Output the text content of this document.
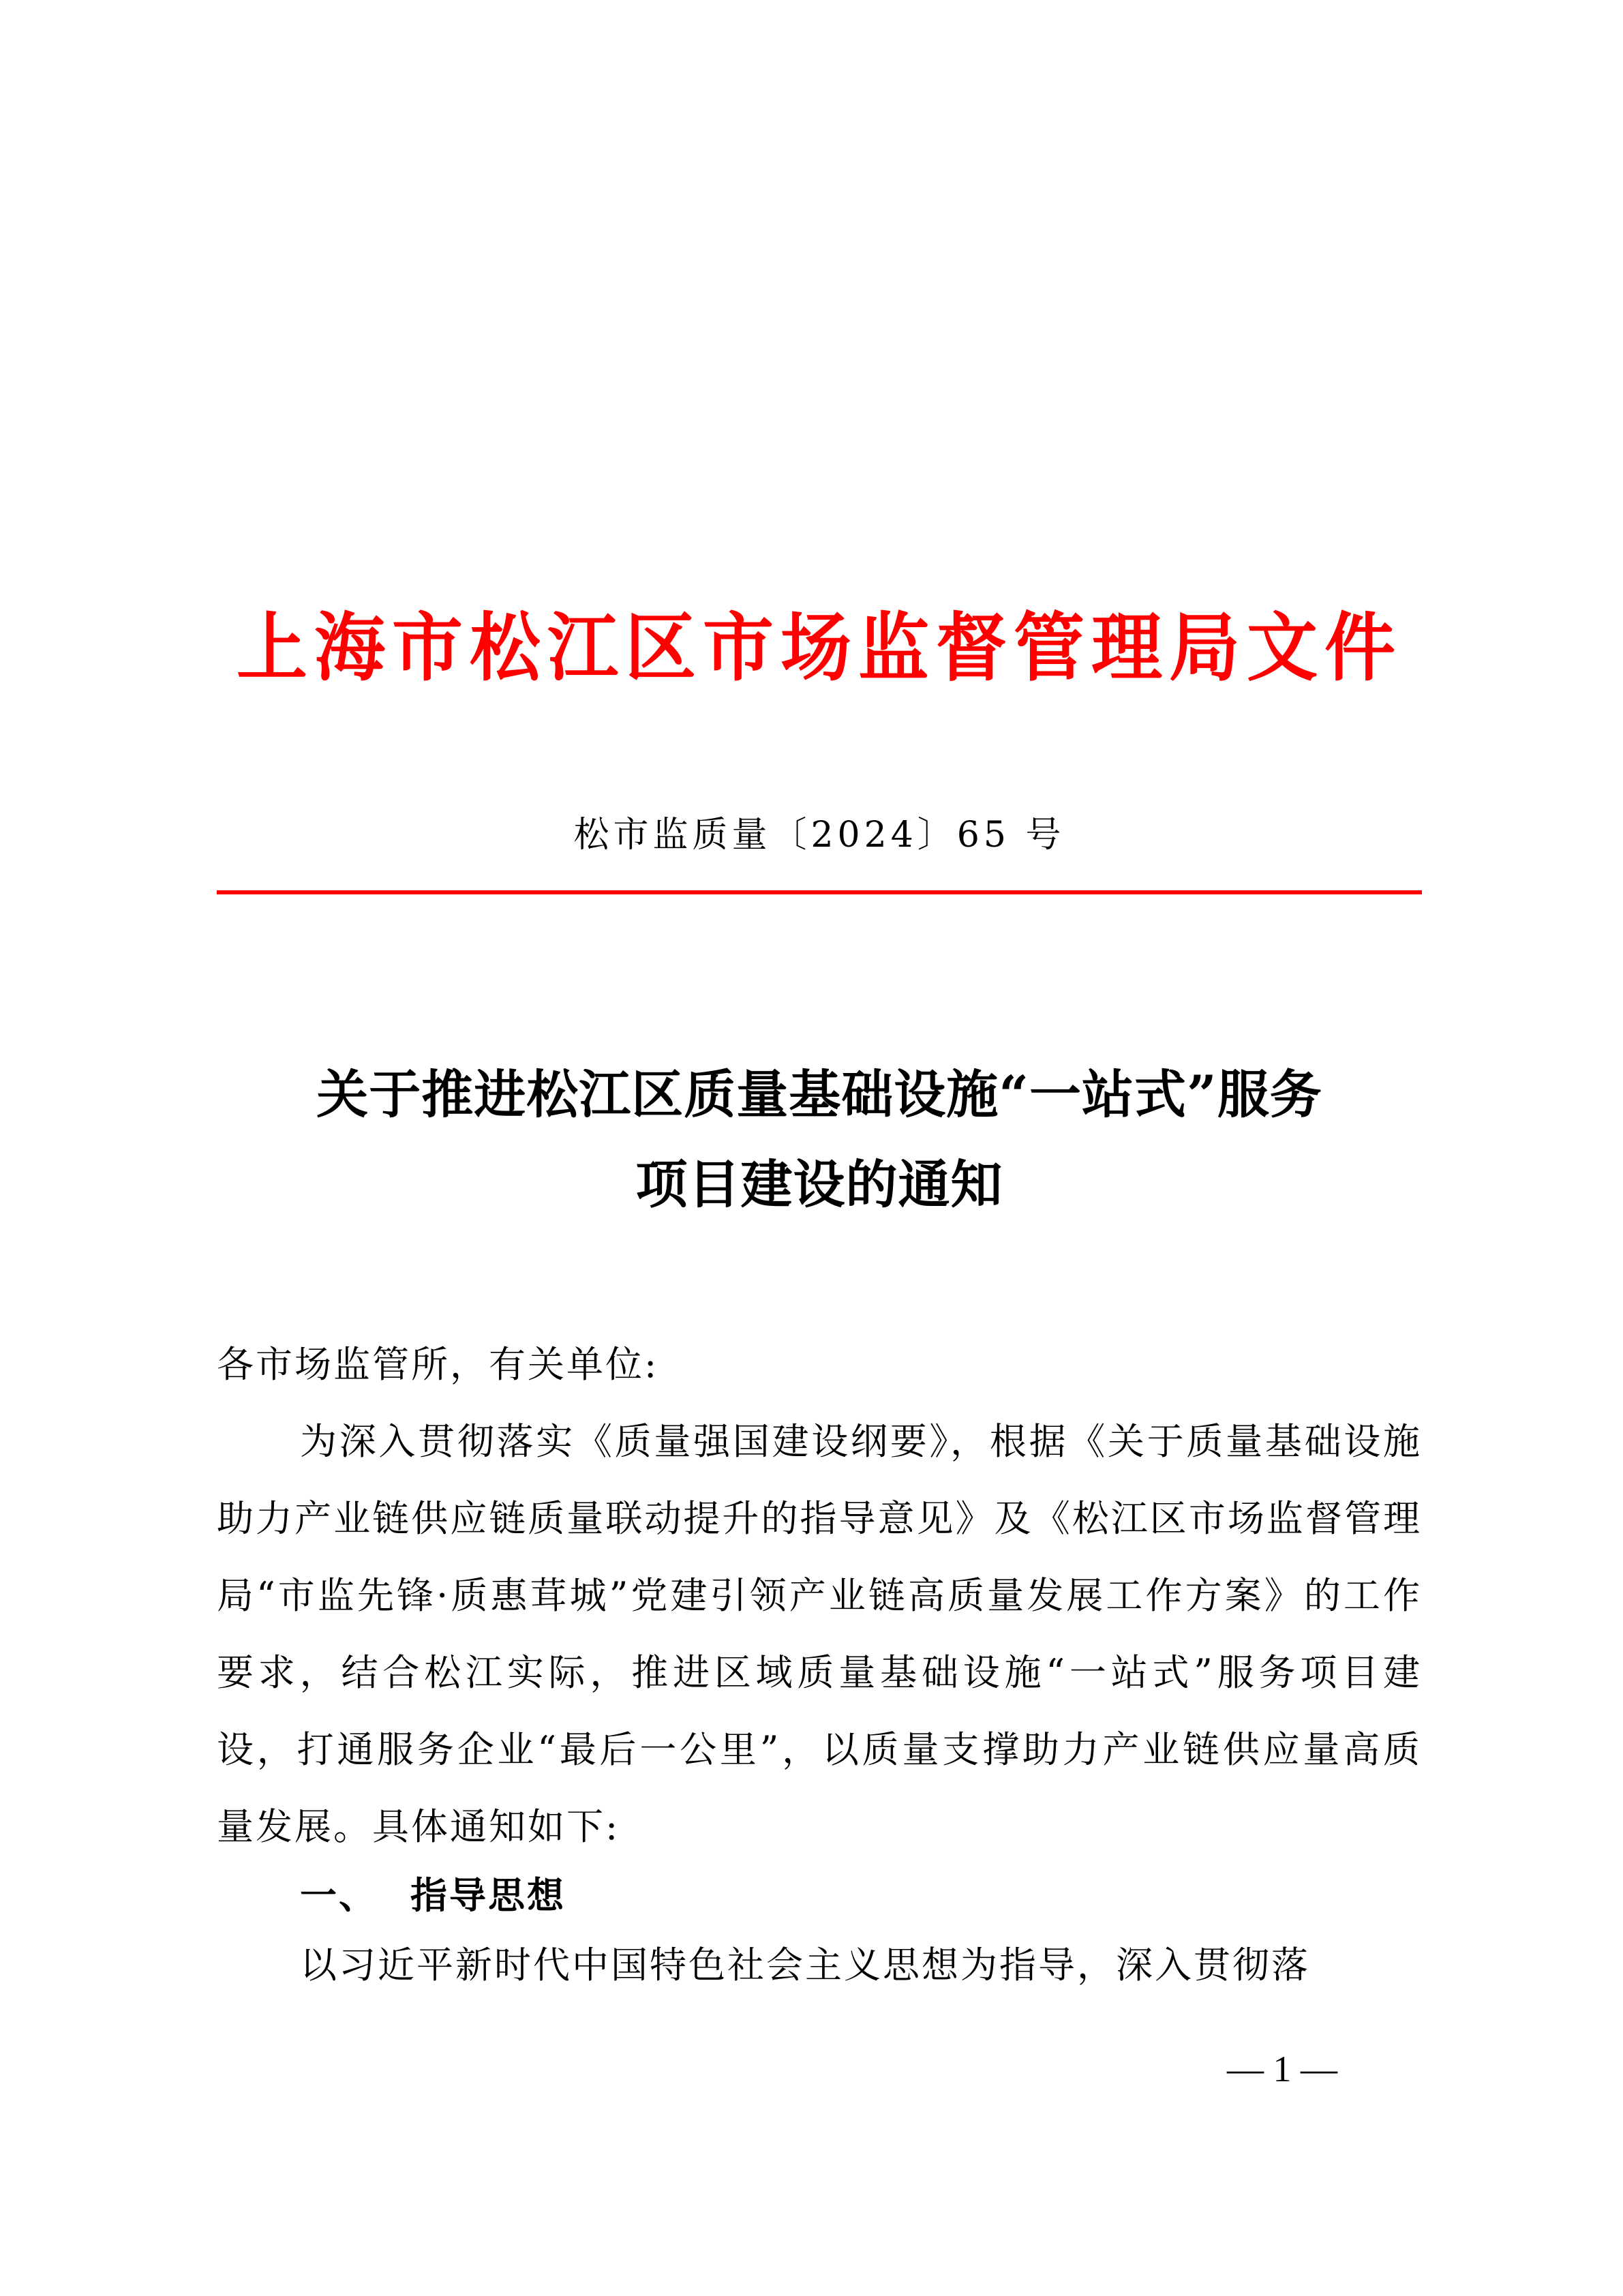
上海市松江区市场监督管理局文件
松市监质量〔2024〕65 号
关于推进松江区质量基础设施“一站式”服务
项目建设的通知

各市场监管所，有关单位:

为深入贯彻落实《质量强国建设纲要》，根据《关于质量基础设施助力产业链供应链质量联动提升的指导意见》及《松江区市场监督管理局“市监先锋·质惠茸城”党建引领产业链高质量发展工作方案》的工作要求，结合松江实际，推进区域质量基础设施“一站式”服务项目建设，打通服务企业“最后一公里”，以质量支撑助力产业链供应量高质量发展。具体通知如下:

一、 指导思想

以习近平新时代中国特色社会主义思想为指导，深入贯彻落

— 1 —
